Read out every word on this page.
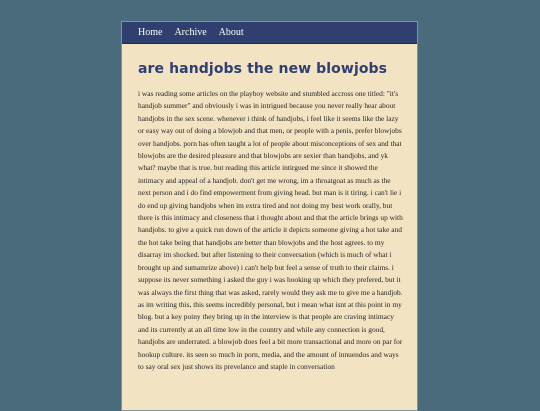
Home Archive About
are handjobs the new blowjobs

i was reading some articles on the playboy website and stumbled accross one titled: "it's handjob summer" and obviously i was in intrigued because you never really hear about handjobs in the sex scene. whenever i think of handjobs, i feel like it seems like the lazy or easy way out of doing a blowjob and that men, or people with a penis, prefer blowjobs over handjobs. porn has often taught a lot of people about misconceptions of sex and that blowjobs are the desired pleasure and that blowjobs are sexier than handjobs, and yk what? maybe that is true. but reading this article intirgued me since it showed the intimacy and appeal of a handjob. don't get me wrong, im a throatgoat as much as the next person and i do find empowerment from giving head. but man is it tiring. i can't lie i do end up giving handjobs when im extra tired and not doing my best work orally, but there is this intimacy and closeness that i thought about and that the article brings up with handjobs. to give a quick run down of the article it depicts someone giving a hot take and the hot take being that handjobs are better than blowjobs and the host agrees. to my disarray im shocked. but after listening to their conversation (which is much of what i brought up and sumamrize above) i can't help but feel a sense of truth to their claims. i suppose its never something i asked the guy i was hooking up which they prefered, but it was always the first thing that was asked, rarely would they ask me to give me a handjob. as im writing this, this seems incredibly personal, but i mean what isnt at this point in my blog. but a key poiny they bring up in the interview is that people are craving intimacy and its currently at an all time low in the country and while any connection is good, handjobs are underrated. a blowjob does feel a bit more transactional and more on par for hookup culture. its seen so much in porn, media, and the amount of innuendos and ways to say oral sex just shows its prevelance and staple in conversation
